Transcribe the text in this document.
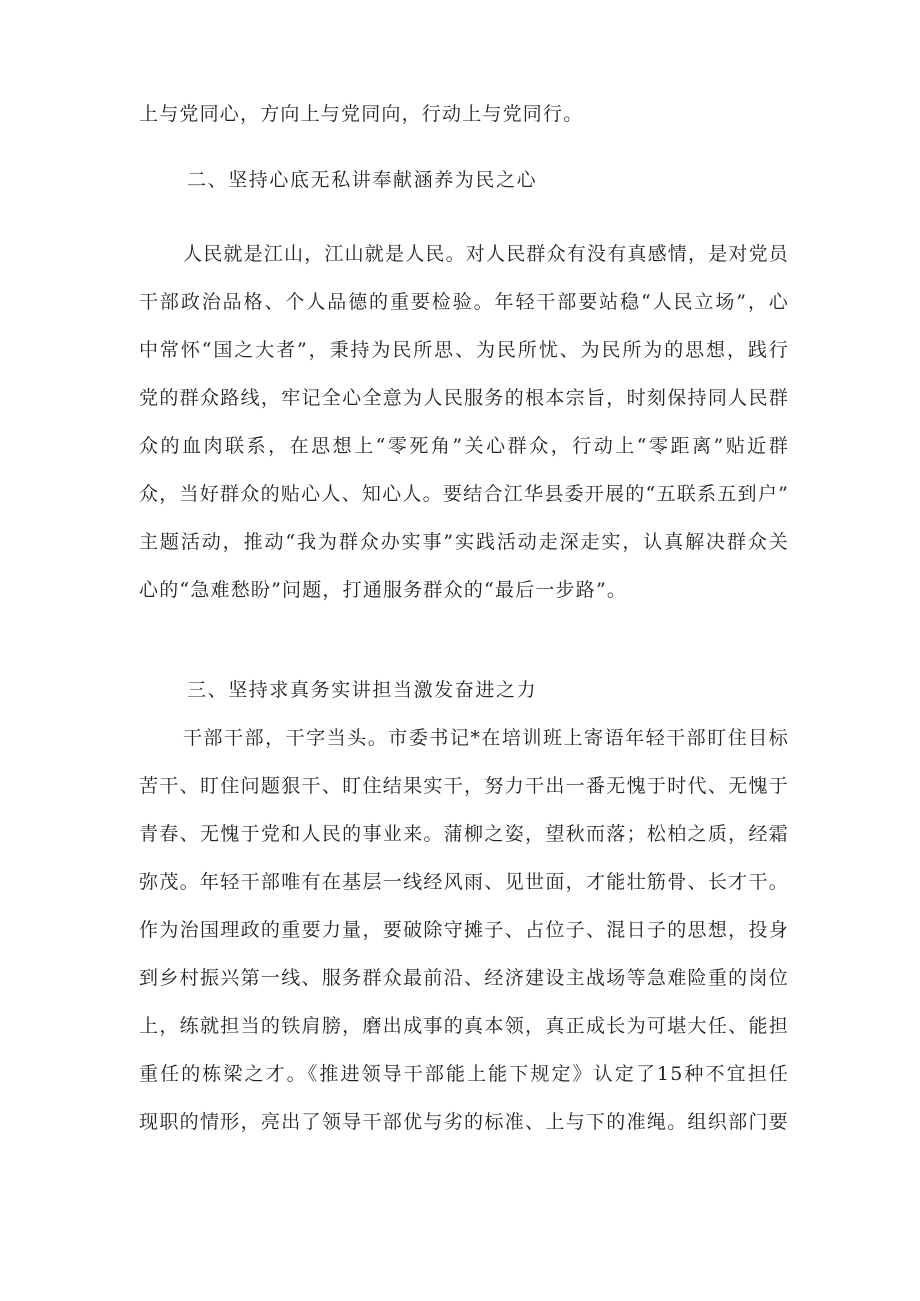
上与党同心，方向上与党同向，行动上与党同行。
二、坚持心底无私讲奉献涵养为民之心
人民就是江山，江山就是人民。对人民群众有没有真感情，是对党员
干部政治品格、个人品德的重要检验。年轻干部要站稳“人民立场”，心
中常怀“国之大者”，秉持为民所思、为民所忧、为民所为的思想，践行
党的群众路线，牢记全心全意为人民服务的根本宗旨，时刻保持同人民群
众的血肉联系，在思想上“零死角”关心群众，行动上“零距离”贴近群
众，当好群众的贴心人、知心人。要结合江华县委开展的“五联系五到户”
主题活动，推动“我为群众办实事”实践活动走深走实，认真解决群众关
心的“急难愁盼”问题，打通服务群众的“最后一步路”。
三、坚持求真务实讲担当激发奋进之力
干部干部，干字当头。市委书记*在培训班上寄语年轻干部盯住目标
苦干、盯住问题狠干、盯住结果实干，努力干出一番无愧于时代、无愧于
青春、无愧于党和人民的事业来。蒲柳之姿，望秋而落；松柏之质，经霜
弥茂。年轻干部唯有在基层一线经风雨、见世面，才能壮筋骨、长才干。
作为治国理政的重要力量，要破除守摊子、占位子、混日子的思想，投身
到乡村振兴第一线、服务群众最前沿、经济建设主战场等急难险重的岗位
上，练就担当的铁肩膀，磨出成事的真本领，真正成长为可堪大任、能担
重任的栋梁之才。《推进领导干部能上能下规定》认定了15种不宜担任
现职的情形，亮出了领导干部优与劣的标准、上与下的准绳。组织部门要
